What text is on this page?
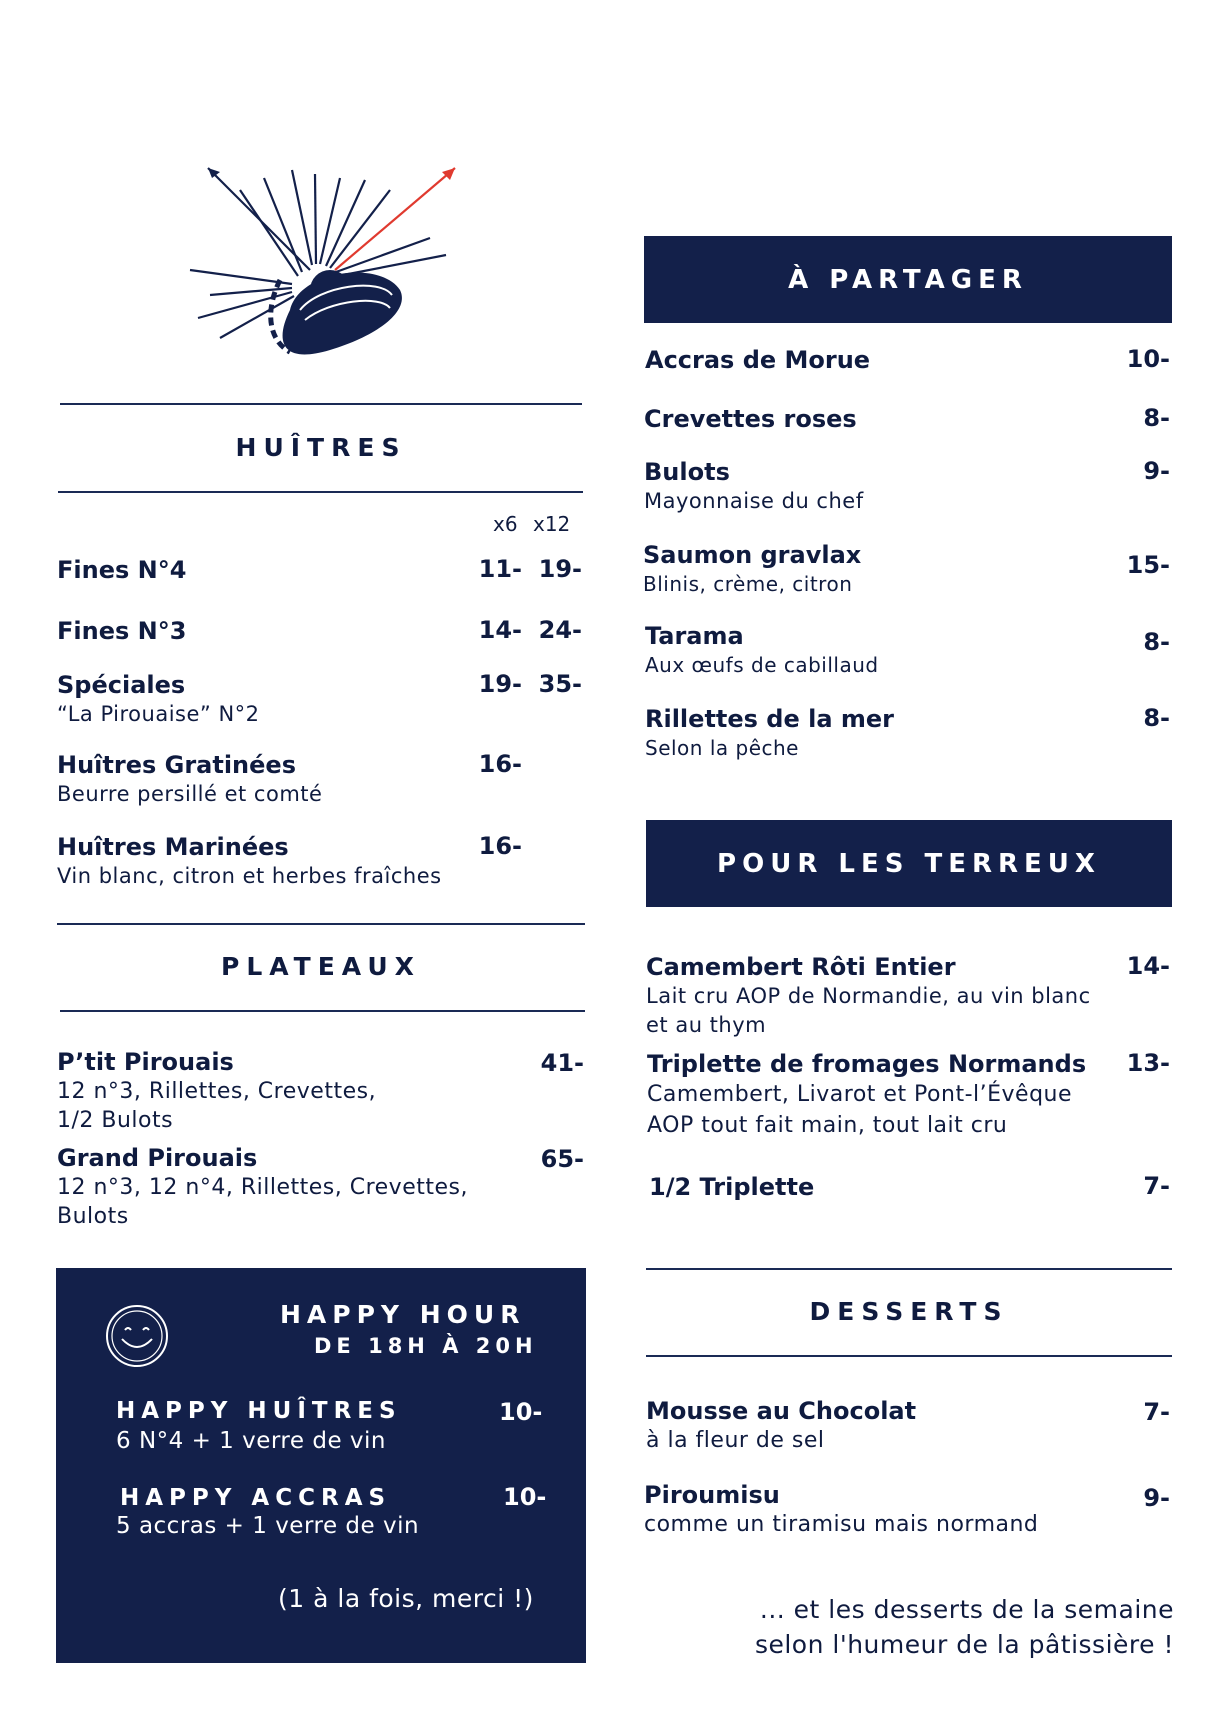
HUÎTRES
x6 x12
Fines N°4	11- 19-
Fines N°3	14- 24-
Spéciales
“La Pirouaise” N°2
19- 35-
Huîtres Gratinées
Beurre persillé et comté
16-
Huîtres Marinées
Vin blanc, citron et herbes fraîches
16-
PLATEAUX
P’tit Pirouais
12 n°3, Rillettes, Crevettes,
1/2 Bulots
41-
Grand Pirouais
12 n°3, 12 n°4, Rillettes, Crevettes,
Bulots
65-
HAPPY HOUR
DE 18H À 20H
HAPPY HUÎTRES	10-
6 N°4 + 1 verre de vin
HAPPY ACCRAS	10-
5 accras + 1 verre de vin
(1 à la fois, merci !)
À PARTAGER
Accras de Morue	10-
Crevettes roses	8-
Bulots
Mayonnaise du chef
9-
Saumon gravlax
Blinis, crème, citron
15-
Tarama
Aux œufs de cabillaud
8-
Rillettes de la mer
Selon la pêche
8-
POUR LES TERREUX
Camembert Rôti Entier
Lait cru AOP de Normandie, au vin blanc
et au thym
14-
Triplette de fromages Normands
Camembert, Livarot et Pont-l’Évêque
AOP tout fait main, tout lait cru
13-
1/2 Triplette	7-
DESSERTS
Mousse au Chocolat
à la fleur de sel
7-
Piroumisu
comme un tiramisu mais normand
9-
... et les desserts de la semaine
selon l'humeur de la pâtissière !
